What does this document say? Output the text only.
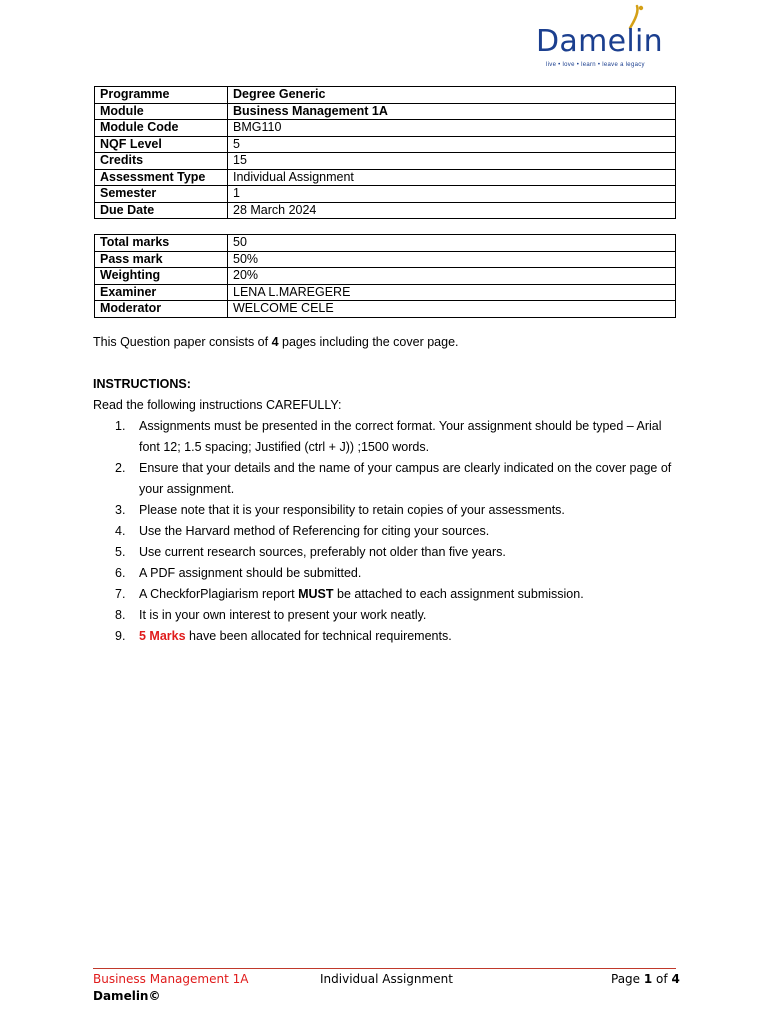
Damelin
live • love • learn • leave a legacy
Programme	Degree Generic
Module	Business Management 1A
Module Code	BMG110
NQF Level	5
Credits	15
Assessment Type	Individual Assignment
Semester	1
Due Date	28 March 2024
Total marks	50
Pass mark	50%
Weighting	20%
Examiner	LENA L.MAREGERE
Moderator	WELCOME CELE
This Question paper consists of 4 pages including the cover page.
INSTRUCTIONS:
Read the following instructions CAREFULLY:
1. Assignments must be presented in the correct format. Your assignment should be typed – Arial font 12; 1.5 spacing; Justified (ctrl + J)) ;1500 words.
2. Ensure that your details and the name of your campus are clearly indicated on the cover page of your assignment.
3. Please note that it is your responsibility to retain copies of your assessments.
4. Use the Harvard method of Referencing for citing your sources.
5. Use current research sources, preferably not older than five years.
6. A PDF assignment should be submitted.
7. A CheckforPlagiarism report MUST be attached to each assignment submission.
8. It is in your own interest to present your work neatly.
9. 5 Marks have been allocated for technical requirements.
Business Management 1A	Individual Assignment	Page 1 of 4
Damelin©
